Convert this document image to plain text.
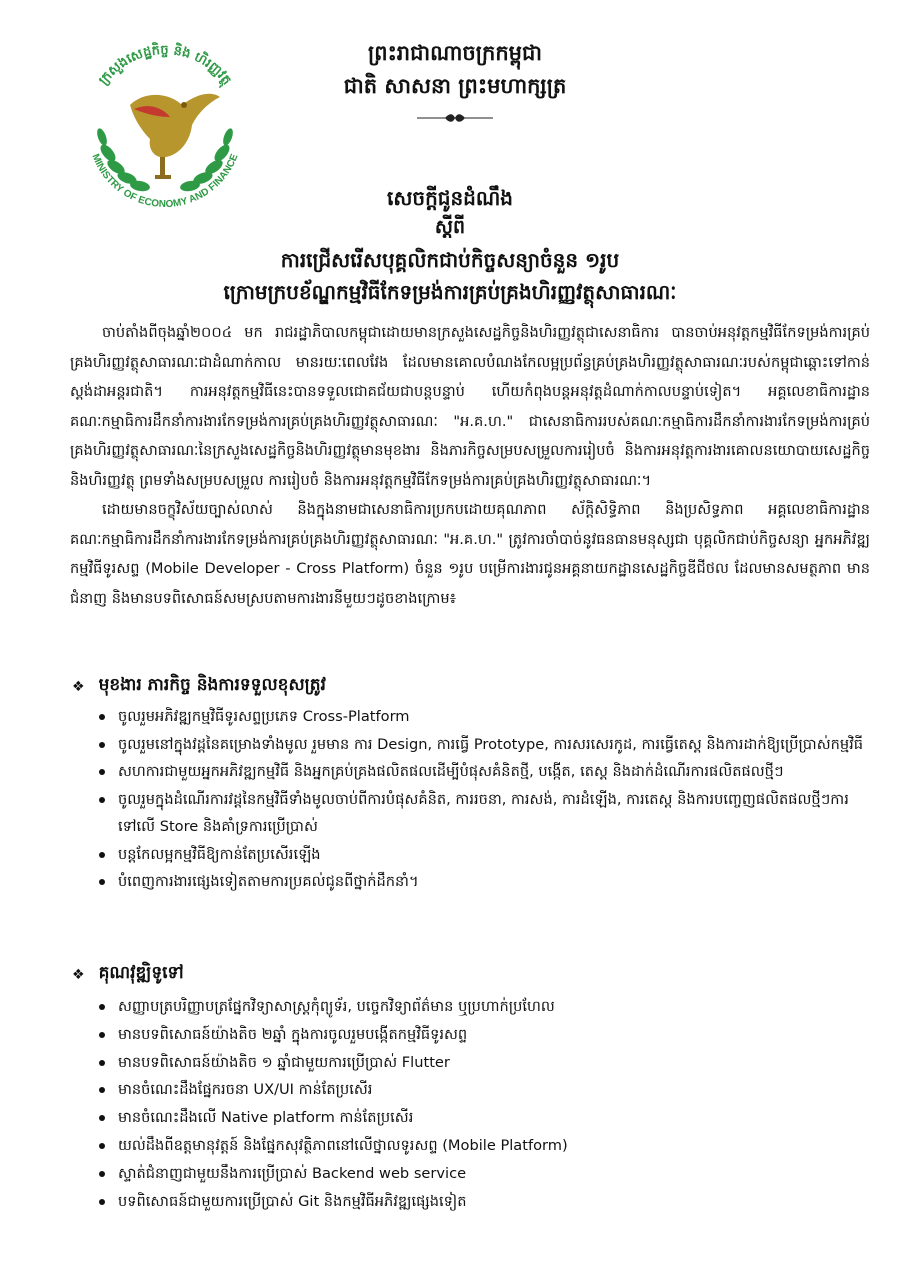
MINISTRY OF ECONOMY AND FINANCE
ក្រសួងសេដ្ឋកិច្ច និង ហិរញ្ញវត្ថុ
ព្រះរាជាណាចក្រកម្ពុជា
ជាតិ សាសនា ព្រះមហាក្សត្រ
សេចក្តីជូនដំណឹង
ស្តីពី
ការជ្រើសរើសបុគ្គលិកជាប់កិច្ចសន្យាចំនួន ១រូប
ក្រោមក្របខ័ណ្ឌកម្មវិធីកែទម្រង់ការគ្រប់គ្រងហិរញ្ញវត្ថុសាធារណៈ

ចាប់តាំងពីចុងឆ្នាំ២០០៤ មក រាជរដ្ឋាភិបាលកម្ពុជាដោយមានក្រសួងសេដ្ឋកិច្ចនិងហិរញ្ញវត្ថុជាសេនាធិការ បានចាប់អនុវត្តកម្មវិធីកែទម្រង់ការគ្រប់គ្រងហិរញ្ញវត្ថុសាធារណៈជាដំណាក់កាល មានរយៈពេលវែង ដែលមានគោលបំណងកែលម្អប្រព័ន្ធគ្រប់គ្រងហិរញ្ញវត្ថុសាធារណៈរបស់កម្ពុជាឆ្ពោះទៅកាន់ស្តង់ដាអន្តរជាតិ។ ការអនុវត្តកម្មវិធីនេះបានទទួលជោគជ័យជាបន្តបន្ទាប់ ហើយកំពុងបន្តអនុវត្តដំណាក់កាលបន្ទាប់ទៀត។ អគ្គលេខាធិការដ្ឋានគណៈកម្មាធិការដឹកនាំការងារកែទម្រង់ការគ្រប់គ្រងហិរញ្ញវត្ថុសាធារណៈ "អ.គ.ហ." ជាសេនាធិការរបស់គណៈកម្មាធិការដឹកនាំការងារកែទម្រង់ការគ្រប់គ្រងហិរញ្ញវត្ថុសាធារណៈនៃក្រសួងសេដ្ឋកិច្ចនិងហិរញ្ញវត្ថុមានមុខងារ និងភារកិច្ចសម្របសម្រួលការរៀបចំ និងការអនុវត្តការងារគោលនយោបាយសេដ្ឋកិច្ចនិងហិរញ្ញវត្ថុ ព្រមទាំងសម្របសម្រួល ការរៀបចំ និងការអនុវត្តកម្មវិធីកែទម្រង់ការគ្រប់គ្រងហិរញ្ញវត្ថុសាធារណៈ។

ដោយមានចក្ខុវិស័យច្បាស់លាស់ និងក្នុងនាមជាសេនាធិការប្រកបដោយគុណភាព ស័ក្តិសិទ្ធិភាព និងប្រសិទ្ធភាព អគ្គលេខាធិការដ្ឋានគណៈកម្មាធិការដឹកនាំការងារកែទម្រង់ការគ្រប់គ្រងហិរញ្ញវត្ថុសាធារណៈ "អ.គ.ហ." ត្រូវការចាំបាច់នូវធនធានមនុស្សជា បុគ្គលិកជាប់កិច្ចសន្យា អ្នកអភិវឌ្ឍកម្មវិធីទូរសព្ទ (Mobile Developer - Cross Platform) ចំនួន ១រូប បម្រើការងារជូនអគ្គនាយកដ្ឋានសេដ្ឋកិច្ចឌីជីថល ដែលមានសមត្ថភាព មានជំនាញ និងមានបទពិសោធន៍សមស្របតាមការងារនីមួយៗដូចខាងក្រោម៖

❖ មុខងារ ភារកិច្ច និងការទទួលខុសត្រូវ
ចូលរួមអភិវឌ្ឍកម្មវិធីទូរសព្ទប្រភេទ Cross-Platform
ចូលរួមនៅក្នុងវដ្តនៃគម្រោងទាំងមូល រួមមាន ការ Design, ការធ្វើ Prototype, ការសរសេរកូដ, ការធ្វើតេស្ត និងការដាក់ឱ្យប្រើប្រាស់កម្មវិធី
សហការជាមួយអ្នកអភិវឌ្ឍកម្មវិធី និងអ្នកគ្រប់គ្រងផលិតផលដើម្បីបំផុសគំនិតថ្មី, បង្កើត, តេស្ត និងដាក់ដំណើរការផលិតផលថ្មីៗ
ចូលរួមក្នុងដំណើរការវដ្តនៃកម្មវិធីទាំងមូលចាប់ពីការបំផុសគំនិត, ការរចនា, ការសង់, ការដំឡើង, ការតេស្ត និងការបញ្ចេញផលិតផលថ្មីៗការទៅលើ Store និងគាំទ្រការប្រើប្រាស់
បន្តកែលម្អកម្មវិធីឱ្យកាន់តែប្រសើរឡើង
បំពេញការងារផ្សេងទៀតតាមការប្រគល់ជូនពីថ្នាក់ដឹកនាំ។
❖ គុណវុឌ្ឍិទូទៅ
សញ្ញាបត្របរិញ្ញាបត្រផ្នែកវិទ្យាសាស្ត្រកុំព្យូទ័រ, បច្ចេកវិទ្យាព័ត៌មាន ឬប្រហាក់ប្រហែល
មានបទពិសោធន៍យ៉ាងតិច ២ឆ្នាំ ក្នុងការចូលរួមបង្កើតកម្មវិធីទូរសព្ទ
មានបទពិសោធន៍យ៉ាងតិច ១ ឆ្នាំជាមួយការប្រើប្រាស់ Flutter
មានចំណេះដឹងផ្នែករចនា UX/UI កាន់តែប្រសើរ
មានចំណេះដឹងលើ Native platform កាន់តែប្រសើរ
យល់ដឹងពីឧត្តមានុវត្តន៍ និងផ្នែកសុវត្ថិភាពនៅលើថ្នាលទូរសព្ទ (Mobile Platform)
ស្ទាត់ជំនាញជាមួយនឹងការប្រើប្រាស់ Backend web service
បទពិសោធន៍ជាមួយការប្រើប្រាស់ Git និងកម្មវិធីអភិវឌ្ឍផ្សេងទៀត
